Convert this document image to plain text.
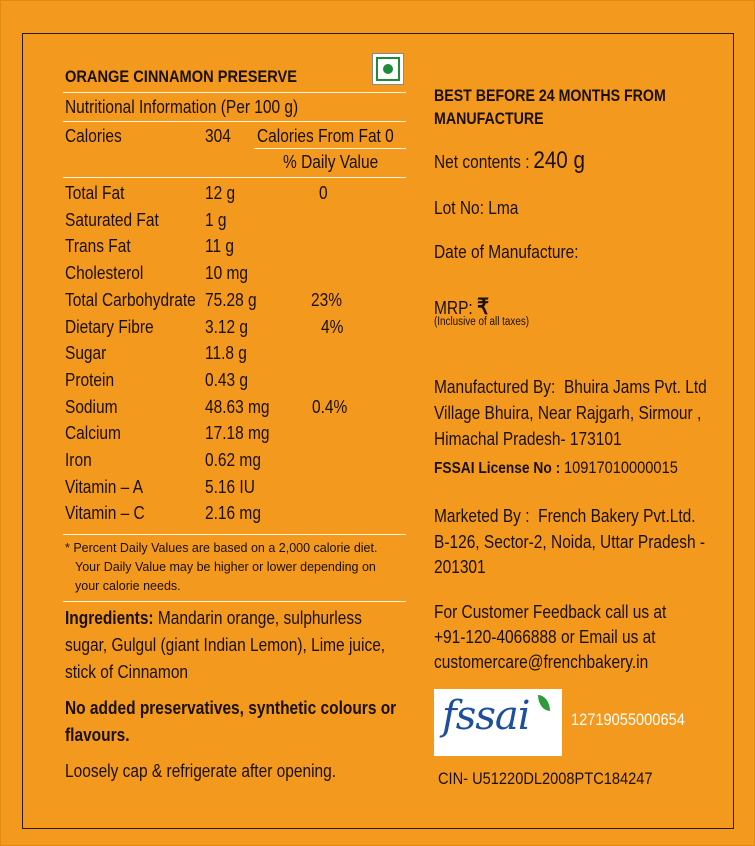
ORANGE CINNAMON PRESERVE
Nutritional Information (Per 100 g)
Calories	304 Calories From Fat 0
% Daily Value
Total Fat	12 g	0
Saturated Fat	1 g
Trans Fat	11 g
Cholesterol	10 mg
Total Carbohydrate 75.28 g	23%
Dietary Fibre	3.12 g	4%
Sugar	11.8 g
Protein	0.43 g
Sodium	48.63 mg	0.4%
Calcium	17.18 mg
Iron	0.62 mg
Vitamin – A	5.16 IU
Vitamin – C	2.16 mg
* Percent Daily Values are based on a 2,000 calorie diet.
Your Daily Value may be higher or lower depending on
your calorie needs.
Ingredients: Mandarin orange, sulphurless
sugar, Gulgul (giant Indian Lemon), Lime juice,
stick of Cinnamon
No added preservatives, synthetic colours or
flavours.
Loosely cap & refrigerate after opening.
BEST BEFORE 24 MONTHS FROM
MANUFACTURE
Net contents : 240 g
Lot No: Lma
Date of Manufacture:
MRP: ₹
(Inclusive of all taxes)
Manufactured By: Bhuira Jams Pvt. Ltd
Village Bhuira, Near Rajgarh, Sirmour ,
Himachal Pradesh- 173101
FSSAI License No : 10917010000015
Marketed By : French Bakery Pvt.Ltd.
B-126, Sector-2, Noida, Uttar Pradesh -
201301
For Customer Feedback call us at
+91-120-4066888 or Email us at
customercare@frenchbakery.in
fssai 12719055000654
CIN- U51220DL2008PTC184247
